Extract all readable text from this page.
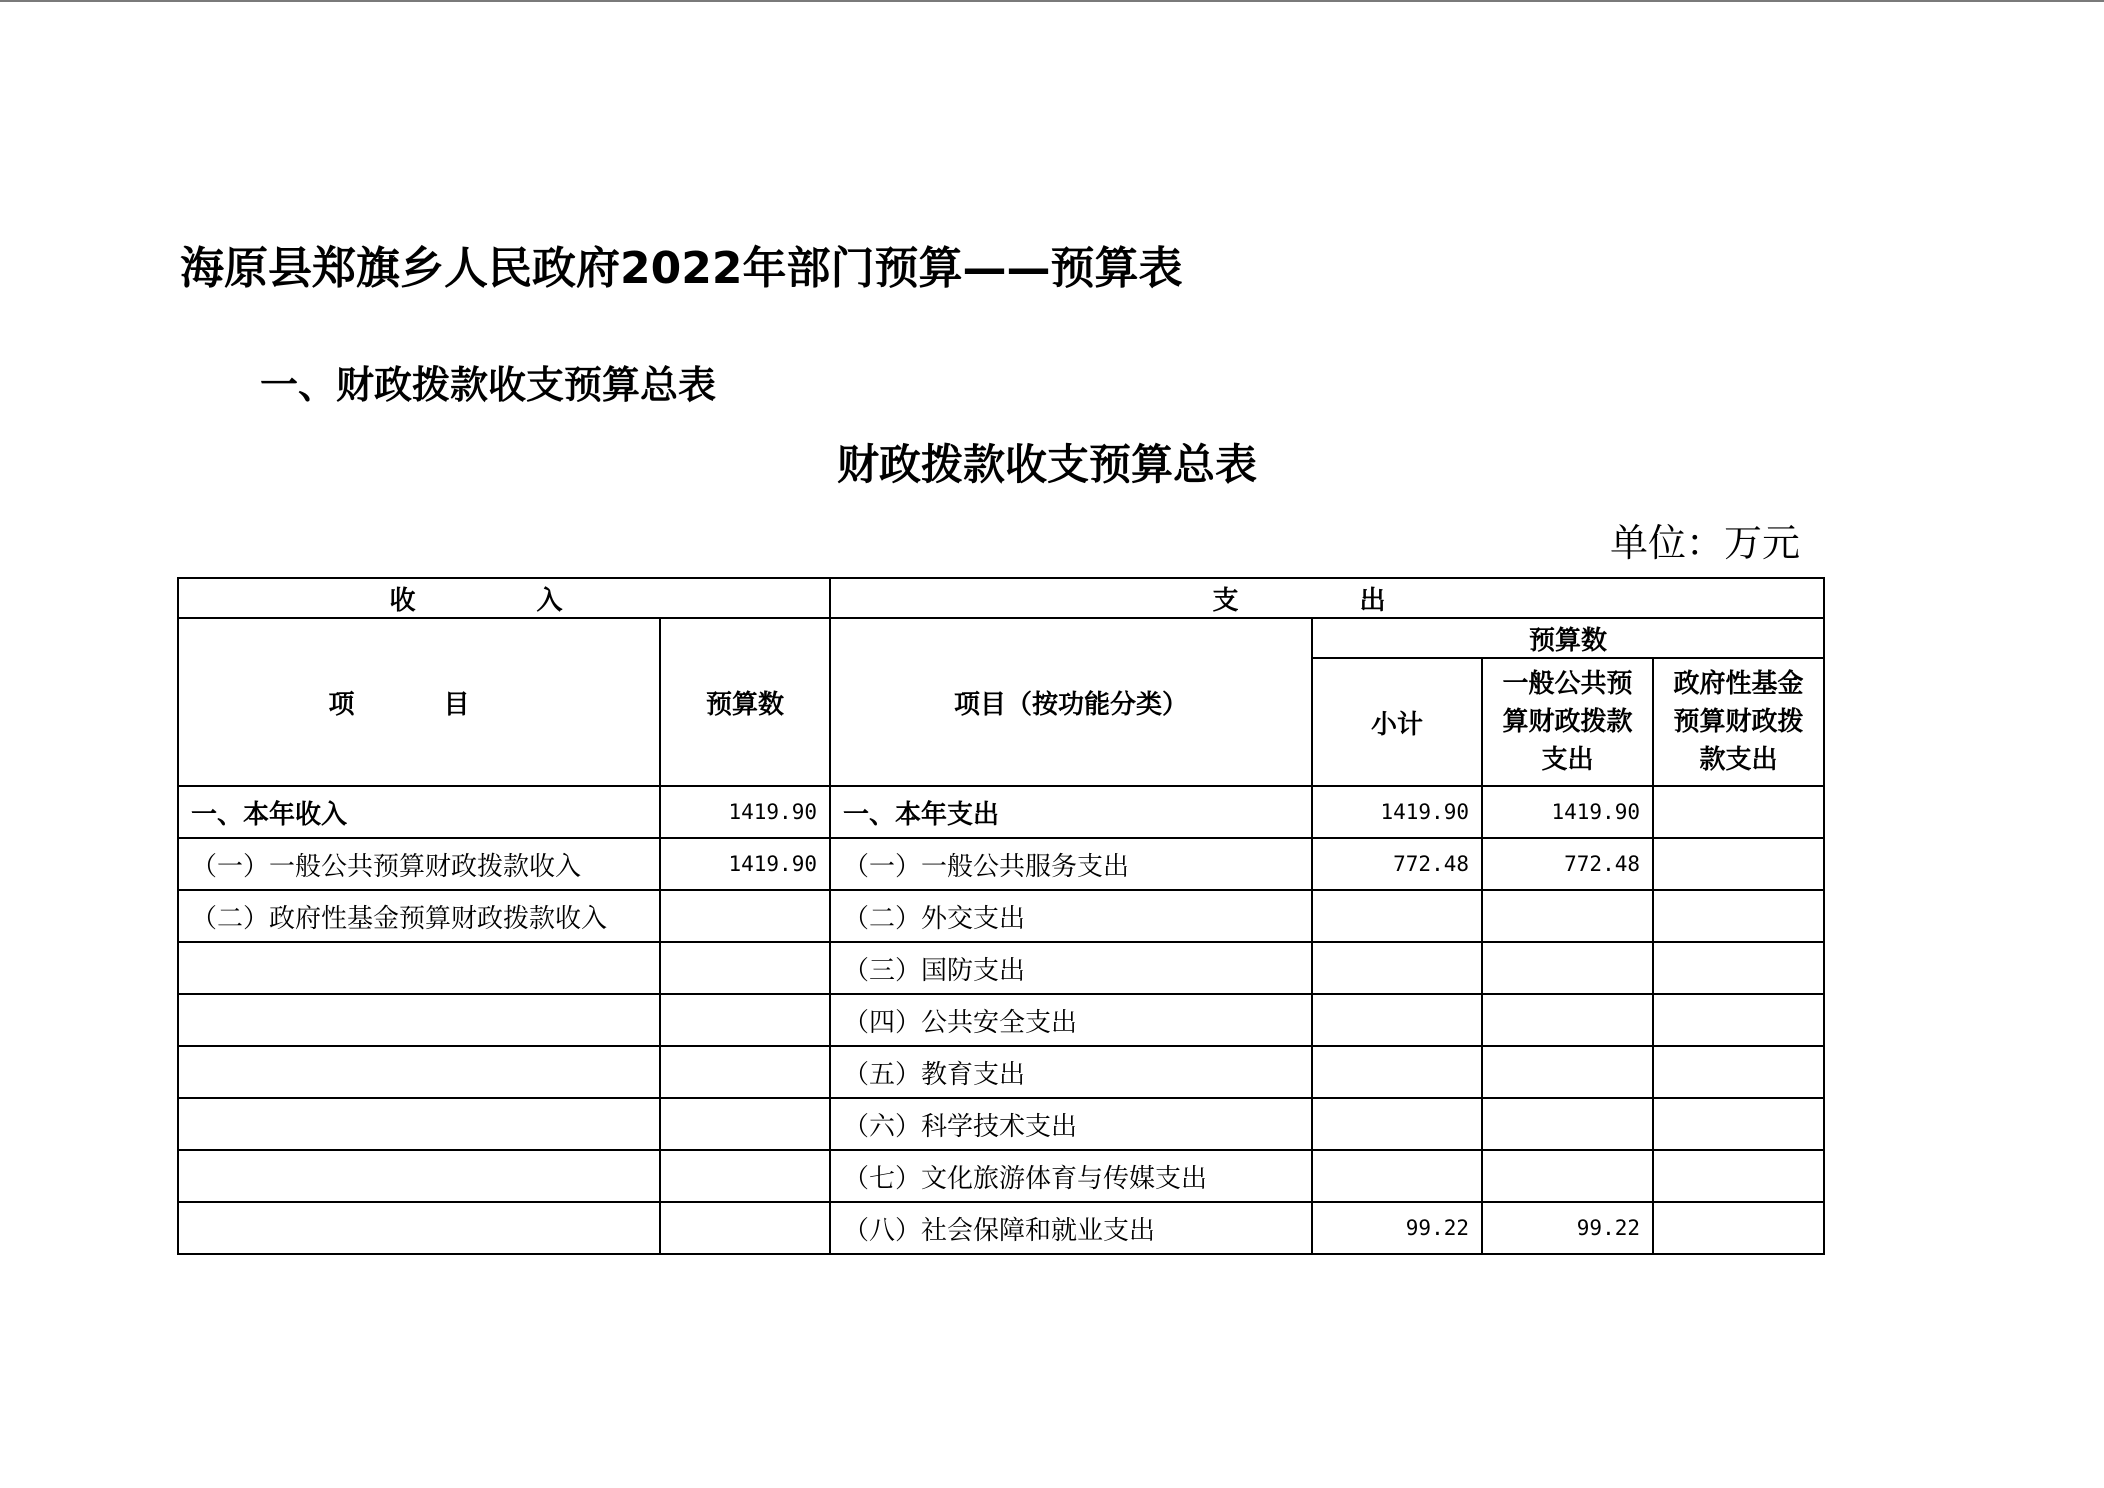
海原县郑旗乡人民政府2022年部门预算——预算表
一、财政拨款收支预算总表
财政拨款收支预算总表
单位：万元
收 入		支 出			
项 目	预算数	项目（按功能分类）	预算数		
			小计	一般公共预算财政拨款支出	政府性基金预算财政拨款支出
一、本年收入	1419.90	一、本年支出	1419.90	1419.90	
（一）一般公共预算财政拨款收入	1419.90	（一）一般公共服务支出	772.48	772.48	
（二）政府性基金预算财政拨款收入		（二）外交支出			
		（三）国防支出			
		（四）公共安全支出			
		（五）教育支出			
		（六）科学技术支出			
		（七）文化旅游体育与传媒支出			
		（八）社会保障和就业支出	99.22	99.22	
